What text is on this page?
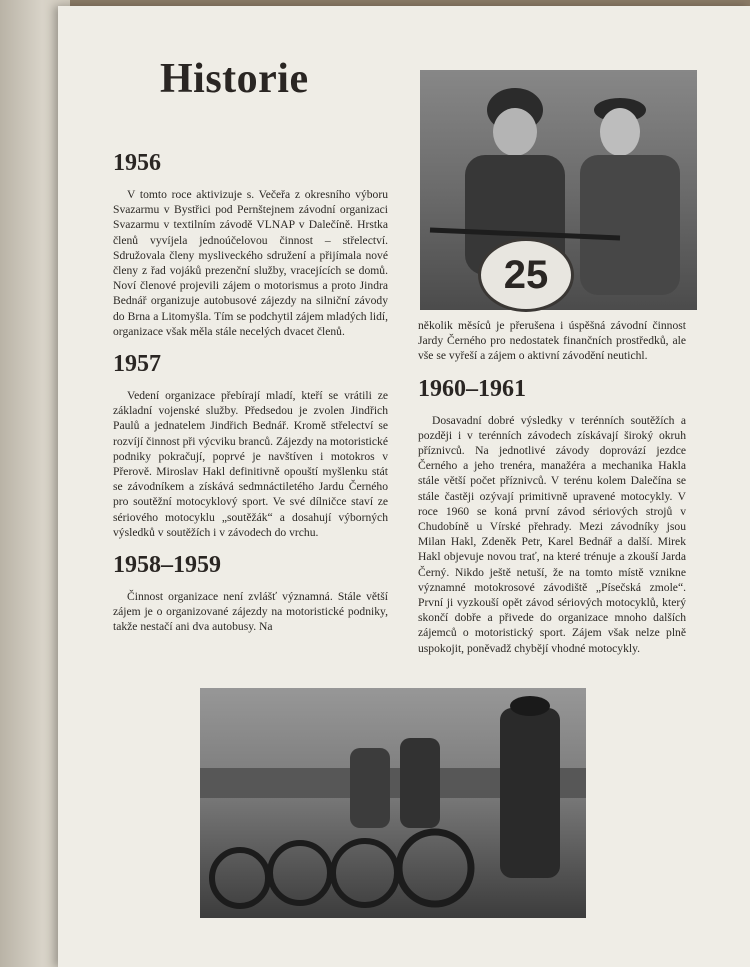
Historie
1956

V tomto roce aktivizuje s. Večeřa z okresního výboru Svazarmu v Bystřici pod Pernštejnem závodní organizaci Svazarmu v textilním závodě VLNAP v Dalečíně. Hrstka členů vyvíjela jednoúčelovou činnost – střelectví. Sdružovala členy mysliveckého sdružení a přijímala nové členy z řad vojáků prezenční služby, vracejících se domů. Noví členové projevili zájem o motorismus a proto Jindra Bednář organizuje autobusové zájezdy na silniční závody do Brna a Litomyšla. Tím se podchytil zájem mladých lidí, organizace však měla stále necelých dvacet členů.

1957

Vedení organizace přebírají mladí, kteří se vrátili ze základní vojenské služby. Předsedou je zvolen Jindřich Paulů a jednatelem Jindřich Bednář. Kromě střelectví se rozvíjí činnost při výcviku branců. Zájezdy na motoristické podniky pokračují, poprvé je navštíven i motokros v Přerově. Miroslav Hakl definitivně opouští myšlenku stát se závodníkem a získává sedmnáctiletého Jardu Černého pro soutěžní motocyklový sport. Ve své dílničce staví ze sériového motocyklu „soutěžák“ a dosahují výborných výsledků v soutěžích i v závodech do vrchu.

1958–1959

Činnost organizace není zvlášť významná. Stále větší zájem je o organizované zájezdy na motoristické podniky, takže nestačí ani dva autobusy. Na

25

několik měsíců je přerušena i úspěšná závodní činnost Jardy Černého pro nedostatek finančních prostředků, ale vše se vyřeší a zájem o aktivní závodění neutichl.

1960–1961

Dosavadní dobré výsledky v terénních soutěžích a později i v terénních závodech získávají široký okruh příznivců. Na jednotlivé závody doprovází jezdce Černého a jeho trenéra, manažéra a mechanika Hakla stále větší počet příznivců. V terénu kolem Dalečína se stále častěji ozývají primitivně upravené motocykly. V roce 1960 se koná první závod sériových strojů v Chudobíně u Vírské přehrady. Mezi závodníky jsou Milan Hakl, Zdeněk Petr, Karel Bednář a další. Mirek Hakl objevuje novou trať, na které trénuje a zkouší Jarda Černý. Nikdo ještě netuší, že na tomto místě vznikne významné motokrosové závodiště „Písečská zmole“. První ji vyzkouší opět závod sériových motocyklů, který skončí dobře a přivede do organizace mnoho dalších zájemců o motoristický sport. Zájem však nelze plně uspokojit, poněvadž chybějí vhodné motocykly.
